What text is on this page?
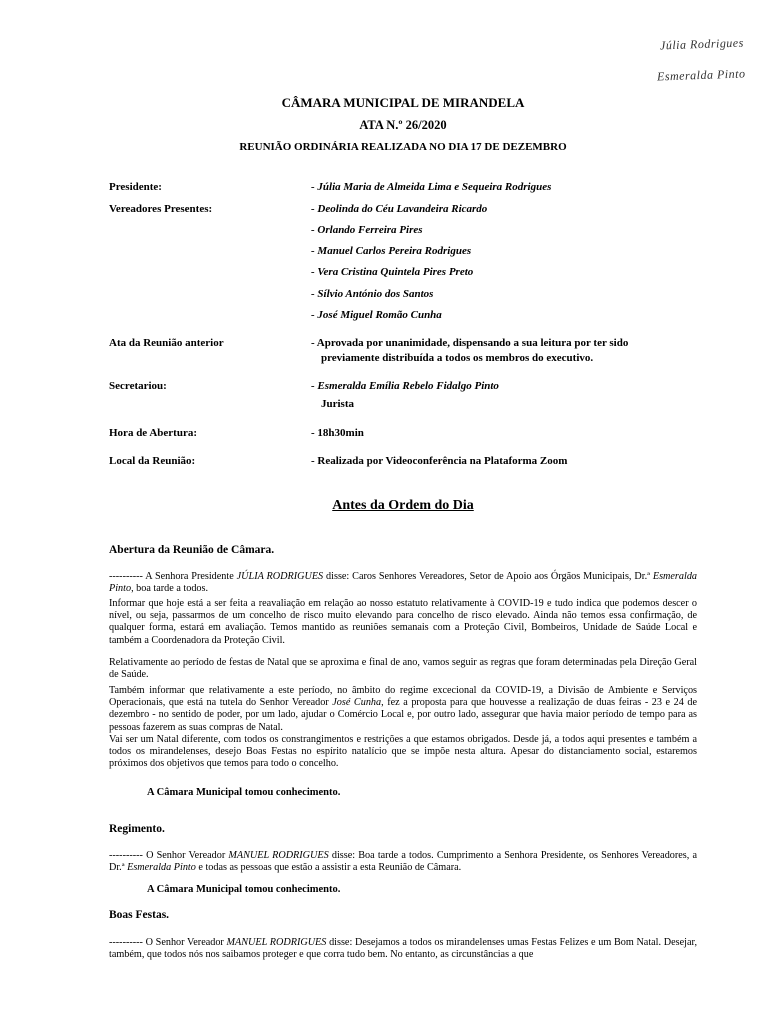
Júlia Rodrigues
Esmeralda Pinto
CÂMARA MUNICIPAL DE MIRANDELA
ATA N.º 26/2020
REUNIÃO ORDINÁRIA REALIZADA NO DIA 17 DE DEZEMBRO
Presidente:	- Júlia Maria de Almeida Lima e Sequeira Rodrigues
Vereadores Presentes:	- Deolinda do Céu Lavandeira Ricardo
- Orlando Ferreira Pires
- Manuel Carlos Pereira Rodrigues
- Vera Cristina Quintela Pires Preto
- Sílvio António dos Santos
- José Miguel Romão Cunha
Ata da Reunião anterior	- Aprovada por unanimidade, dispensando a sua leitura por ter sido
previamente distribuída a todos os membros do executivo.
Secretariou:	- Esmeralda Emília Rebelo Fidalgo Pinto
Jurista
Hora de Abertura:	- 18h30min
Local da Reunião:	- Realizada por Videoconferência na Plataforma Zoom
Antes da Ordem do Dia
Abertura da Reunião de Câmara.
---------- A Senhora Presidente JÚLIA RODRIGUES disse: Caros Senhores Vereadores, Setor de Apoio aos Órgãos Municipais, Dr.ª Esmeralda Pinto, boa tarde a todos.
Informar que hoje está a ser feita a reavaliação em relação ao nosso estatuto relativamente à COVID-19 e tudo indica que podemos descer o nível, ou seja, passarmos de um concelho de risco muito elevando para concelho de risco elevado. Ainda não temos essa confirmação, de qualquer forma, estará em avaliação. Temos mantido as reuniões semanais com a Proteção Civil, Bombeiros, Unidade de Saúde Local e também a Coordenadora da Proteção Civil.
Relativamente ao período de festas de Natal que se aproxima e final de ano, vamos seguir as regras que foram determinadas pela Direção Geral de Saúde.
Também informar que relativamente a este período, no âmbito do regime excecional da COVID-19, a Divisão de Ambiente e Serviços Operacionais, que está na tutela do Senhor Vereador José Cunha, fez a proposta para que houvesse a realização de duas feiras - 23 e 24 de dezembro - no sentido de poder, por um lado, ajudar o Comércio Local e, por outro lado, assegurar que havia maior período de tempo para as pessoas fazerem as suas compras de Natal.
Vai ser um Natal diferente, com todos os constrangimentos e restrições a que estamos obrigados. Desde já, a todos aqui presentes e também a todos os mirandelenses, desejo Boas Festas no espírito natalício que se impõe nesta altura. Apesar do distanciamento social, estaremos próximos dos objetivos que temos para todo o concelho.
A Câmara Municipal tomou conhecimento.
Regimento.
---------- O Senhor Vereador MANUEL RODRIGUES disse: Boa tarde a todos. Cumprimento a Senhora Presidente, os Senhores Vereadores, a Dr.ª Esmeralda Pinto e todas as pessoas que estão a assistir a esta Reunião de Câmara.
A Câmara Municipal tomou conhecimento.
Boas Festas.
---------- O Senhor Vereador MANUEL RODRIGUES disse: Desejamos a todos os mirandelenses umas Festas Felizes e um Bom Natal. Desejar, também, que todos nós nos saibamos proteger e que corra tudo bem. No entanto, as circunstâncias a que
